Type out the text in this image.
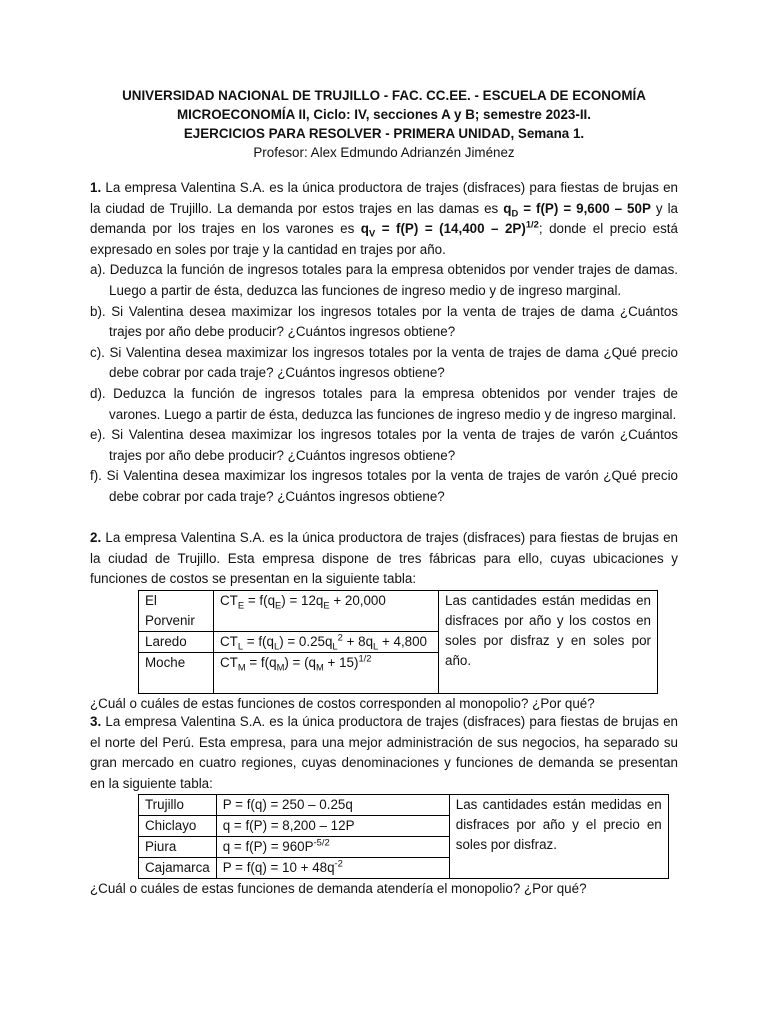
UNIVERSIDAD NACIONAL DE TRUJILLO - FAC. CC.EE. - ESCUELA DE ECONOMÍA
MICROECONOMÍA II, Ciclo: IV, secciones A y B; semestre 2023-II.
EJERCICIOS PARA RESOLVER - PRIMERA UNIDAD, Semana 1.
Profesor: Alex Edmundo Adrianzén Jiménez
1. La empresa Valentina S.A. es la única productora de trajes (disfraces) para fiestas de brujas en la ciudad de Trujillo. La demanda por estos trajes en las damas es $q_D = f(P) = 9,600 - 50P$ y la demanda por los trajes en los varones es $q_V = f(P) = (14,400 - 2P)^{1/2}$; donde el precio está expresado en soles por traje y la cantidad en trajes por año.
a). Deduzca la función de ingresos totales para la empresa obtenidos por vender trajes de damas. Luego a partir de ésta, deduzca las funciones de ingreso medio y de ingreso marginal.
b). Si Valentina desea maximizar los ingresos totales por la venta de trajes de dama ¿Cuántos trajes por año debe producir? ¿Cuántos ingresos obtiene?
c). Si Valentina desea maximizar los ingresos totales por la venta de trajes de dama ¿Qué precio debe cobrar por cada traje? ¿Cuántos ingresos obtiene?
d). Deduzca la función de ingresos totales para la empresa obtenidos por vender trajes de varones. Luego a partir de ésta, deduzca las funciones de ingreso medio y de ingreso marginal.
e). Si Valentina desea maximizar los ingresos totales por la venta de trajes de varón ¿Cuántos trajes por año debe producir? ¿Cuántos ingresos obtiene?
f). Si Valentina desea maximizar los ingresos totales por la venta de trajes de varón ¿Qué precio debe cobrar por cada traje? ¿Cuántos ingresos obtiene?
2. La empresa Valentina S.A. es la única productora de trajes (disfraces) para fiestas de brujas en la ciudad de Trujillo. Esta empresa dispone de tres fábricas para ello, cuyas ubicaciones y funciones de costos se presentan en la siguiente tabla:
El Porvenir	$CT_E = f(q_E) = 12q_E + 20,000$	Las cantidades están medidas en disfraces por año y los costos en soles por disfraz y en soles por año.
Laredo	$CT_L = f(q_L) = 0.25q_L^2 + 8q_L + 4,800$	
Moche	$CT_M = f(q_M) = (q_M + 15)^{1/2}$
¿Cuál o cuáles de estas funciones de costos corresponden al monopolio? ¿Por qué?
3. La empresa Valentina S.A. es la única productora de trajes (disfraces) para fiestas de brujas en el norte del Perú. Esta empresa, para una mejor administración de sus negocios, ha separado su gran mercado en cuatro regiones, cuyas denominaciones y funciones de demanda se presentan en la siguiente tabla:
Trujillo	P = f(q) = 250 – 0.25q	Las cantidades están medidas en disfraces por año y el precio en soles por disfraz.
Chiclayo	q = f(P) = 8,200 – 12P	
Piura	$q = f(P) = 960P^{-5/2}$
Cajamarca	$P = f(q) = 10 + 48q^{-2}$
¿Cuál o cuáles de estas funciones de demanda atendería el monopolio? ¿Por qué?
